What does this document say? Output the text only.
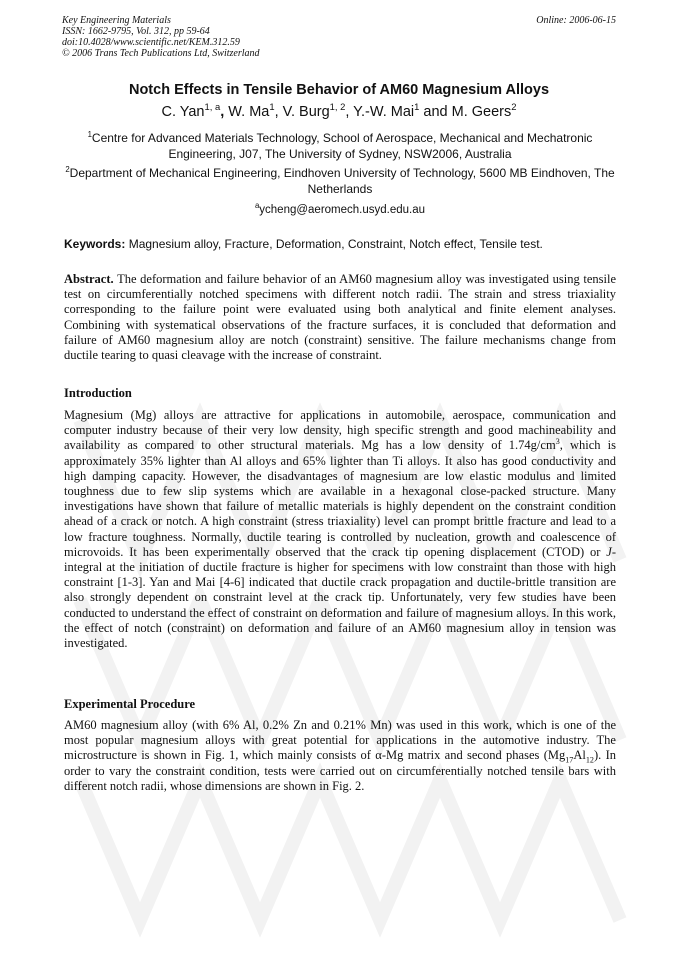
Key Engineering Materials
ISSN: 1662-9795, Vol. 312, pp 59-64
doi:10.4028/www.scientific.net/KEM.312.59
© 2006 Trans Tech Publications Ltd, Switzerland
Online: 2006-06-15
Notch Effects in Tensile Behavior of AM60 Magnesium Alloys
C. Yan$^{1, a}$, W. Ma$^1$, V. Burg$^{1, 2}$, Y.-W. Mai$^1$ and M. Geers$^2$
$^1$Centre for Advanced Materials Technology, School of Aerospace, Mechanical and Mechatronic Engineering, J07, The University of Sydney, NSW2006, Australia
$^2$Department of Mechanical Engineering, Eindhoven University of Technology, 5600 MB Eindhoven, The Netherlands
$^a$ycheng@aeromech.usyd.edu.au
Keywords: Magnesium alloy, Fracture, Deformation, Constraint, Notch effect, Tensile test.
Abstract. The deformation and failure behavior of an AM60 magnesium alloy was investigated using tensile test on circumferentially notched specimens with different notch radii. The strain and stress triaxiality corresponding to the failure point were evaluated using both analytical and finite element analyses. Combining with systematical observations of the fracture surfaces, it is concluded that deformation and failure of AM60 magnesium alloy are notch (constraint) sensitive. The failure mechanisms change from ductile tearing to quasi cleavage with the increase of constraint.
Introduction
Magnesium (Mg) alloys are attractive for applications in automobile, aerospace, communication and computer industry because of their very low density, high specific strength and good machineability and availability as compared to other structural materials. Mg has a low density of $1.74g/cm^3$, which is approximately 35% lighter than Al alloys and 65% lighter than Ti alloys. It also has good conductivity and high damping capacity. However, the disadvantages of magnesium are low elastic modulus and limited toughness due to few slip systems which are available in a hexagonal close-packed structure. Many investigations have shown that failure of metallic materials is highly dependent on the constraint condition ahead of a crack or notch. A high constraint (stress triaxiality) level can prompt brittle fracture and lead to a low fracture toughness. Normally, ductile tearing is controlled by nucleation, growth and coalescence of microvoids. It has been experimentally observed that the crack tip opening displacement (CTOD) or J-integral at the initiation of ductile fracture is higher for specimens with low constraint than those with high constraint [1-3]. Yan and Mai [4-6] indicated that ductile crack propagation and ductile-brittle transition are also strongly dependent on constraint level at the crack tip. Unfortunately, very few studies have been conducted to understand the effect of constraint on deformation and failure of magnesium alloys. In this work, the effect of notch (constraint) on deformation and failure of an AM60 magnesium alloy in tension was investigated.
Experimental Procedure
AM60 magnesium alloy (with 6% Al, 0.2% Zn and 0.21% Mn) was used in this work, which is one of the most popular magnesium alloys with great potential for applications in the automotive industry. The microstructure is shown in Fig. 1, which mainly consists of α-Mg matrix and second phases $(Mg_{17}Al_{12})$. In order to vary the constraint condition, tests were carried out on circumferentially notched tensile bars with different notch radii, whose dimensions are shown in Fig. 2.
